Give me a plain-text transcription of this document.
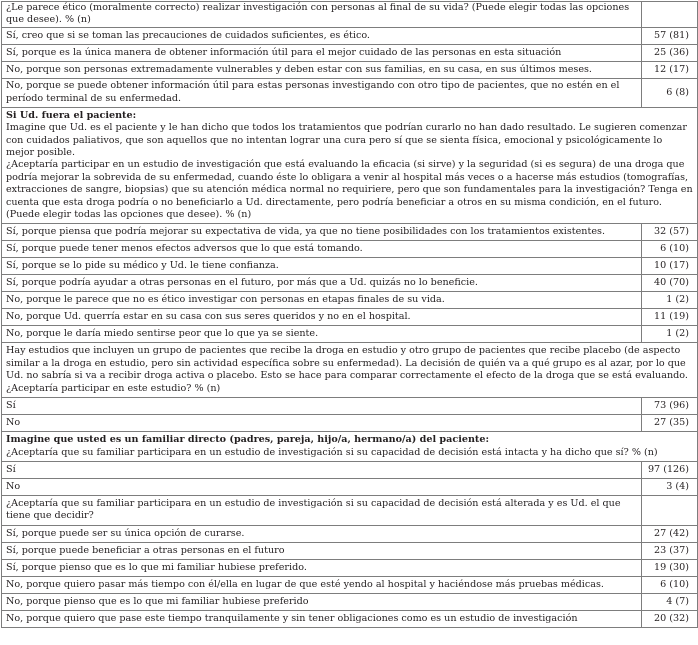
¿Le parece ético (moralmente correcto) realizar investigación con personas al final de su vida? (Puede elegir todas las opciones que desee). % (n)	
Sí, creo que si se toman las precauciones de cuidados suficientes, es ético.	57 (81)
Sí, porque es la única manera de obtener información útil para el mejor cuidado de las personas en esta situación	25 (36)
No, porque son personas extremadamente vulnerables y deben estar con sus familias, en su casa, en sus últimos meses.	12 (17)
No, porque se puede obtener información útil para estas personas investigando con otro tipo de pacientes, que no estén en el período terminal de su enfermedad.	6 (8)

Si Ud. fuera el paciente:
Imagine que Ud. es el paciente y le han dicho que todos los tratamientos que podrían curarlo no han dado resultado. Le sugieren comenzar con cuidados paliativos, que son aquellos que no intentan lograr una cura pero sí que se sienta física, emocional y psicológicamente lo mejor posible.
¿Aceptaría participar en un estudio de investigación que está evaluando la eficacia (si sirve) y la seguridad (si es segura) de una droga que podría mejorar la sobrevida de su enfermedad, cuando éste lo obligara a venir al hospital más veces o a hacerse más estudios (tomografías, extracciones de sangre, biopsias) que su atención médica normal no requiriere, pero que son fundamentales para la investigación? Tenga en cuenta que esta droga podría o no beneficiarlo a Ud. directamente, pero podría beneficiar a otros en su misma condición, en el futuro. (Puede elegir todas las opciones que desee). % (n)	

Sí, porque piensa que podría mejorar su expectativa de vida, ya que no tiene posibilidades con los tratamientos existentes.	32 (57)
Sí, porque puede tener menos efectos adversos que lo que está tomando.	6 (10)
Sí, porque se lo pide su médico y Ud. le tiene confianza.	10 (17)
Sí, porque podría ayudar a otras personas en el futuro, por más que a Ud. quizás no lo beneficie.	40 (70)
No, porque le parece que no es ético investigar con personas en etapas finales de su vida.	1 (2)
No, porque Ud. querría estar en su casa con sus seres queridos y no en el hospital.	11 (19)
No, porque le daría miedo sentirse peor que lo que ya se siente.	1 (2)
Hay estudios que incluyen un grupo de pacientes que recibe la droga en estudio y otro grupo de pacientes que recibe placebo (de aspecto similar a la droga en estudio, pero sin actividad específica sobre su enfermedad). La decisión de quién va a qué grupo es al azar, por lo que Ud. no sabría si va a recibir droga activa o placebo. Esto se hace para comparar correctamente el efecto de la droga que se está evaluando. ¿Aceptaría participar en este estudio? % (n)	
Sí	73 (96)
No	27 (35)

Imagine que usted es un familiar directo (padres, pareja, hijo/a, hermano/a) del paciente:
¿Aceptaría que su familiar participara en un estudio de investigación si su capacidad de decisión está intacta y ha dicho que sí? % (n)	

Sí	97 (126)
No	3 (4)
¿Aceptaría que su familiar participara en un estudio de investigación si su capacidad de decisión está alterada y es Ud. el que tiene que decidir?	
Sí, porque puede ser su única opción de curarse.	27 (42)
Sí, porque puede beneficiar a otras personas en el futuro	23 (37)
Sí, porque pienso que es lo que mi familiar hubiese preferido.	19 (30)
No, porque quiero pasar más tiempo con él/ella en lugar de que esté yendo al hospital y haciéndose más pruebas médicas.	6 (10)
No, porque pienso que es lo que mi familiar hubiese preferido	4 (7)
No, porque quiero que pase este tiempo tranquilamente y sin tener obligaciones como es un estudio de investigación	20 (32)
